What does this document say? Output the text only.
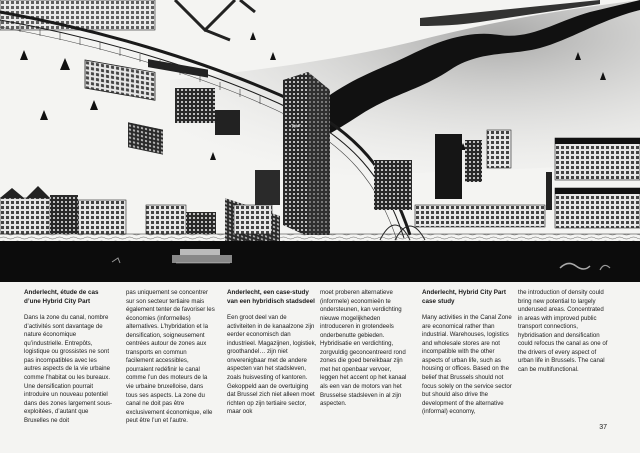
Tour
Anderlecht, étude de cas d’une Hybrid City Part

Dans la zone du canal, nombre d’activités sont davantage de nature économique qu’industrielle. Entrepôts, logistique ou grossistes ne sont pas incompatibles avec les autres aspects de la vie urbaine comme l’habitat ou les bureaux. Une densification pourrait introduire un nouveau potentiel dans des zones largement sous-exploitées, d’autant que Bruxelles ne doit

pas uniquement se concentrer sur son secteur tertiaire mais également tenter de favoriser les économies (informelles) alternatives. L’hybridation et la densification, soigneusement centrées autour de zones aux transports en commun facilement accessibles, pourraient redéfinir le canal comme l’un des moteurs de la vie urbaine bruxelloise, dans tous ses aspects. La zone du canal ne doit pas être exclusivement économique, elle peut être l’un et l’autre.

Anderlecht, een case-study van een hybridisch stadsdeel

Een groot deel van de activiteiten in de kanaalzone zijn eerder economisch dan industrieel. Magazijnen, logistiek, groothandel… zijn niet onverenigbaar met de andere aspecten van het stadsleven, zoals huisvesting of kantoren. Gekoppeld aan de overtuiging dat Brussel zich niet alleen moet richten op zijn tertiaire sector, maar ook

moet proberen alternatieve (informele) economieën te ondersteunen, kan verdichting nieuwe mogelijkheden introduceren in grotendeels onderbenutte gebieden. Hybridisatie en verdichting, zorgvuldig geconcentreerd rond zones die goed bereikbaar zijn met het openbaar vervoer, leggen het accent op het kanaal als een van de motors van het Brusselse stadsleven in al zijn aspecten.

Anderlecht, Hybrid City Part case study

Many activities in the Canal Zone are economical rather than industrial. Warehouses, logistics and wholesale stores are not incompatible with the other aspects of urban life, such as housing or offices. Based on the belief that Brussels should not focus solely on the service sector but should also drive the development of the alternative (informal) economy,

the introduction of density could bring new potential to largely underused areas. Concentrated in areas with improved public transport connections, hybridisation and densification could refocus the canal as one of the drivers of every aspect of urban life in Brussels. The canal can be multifunctional.

37
